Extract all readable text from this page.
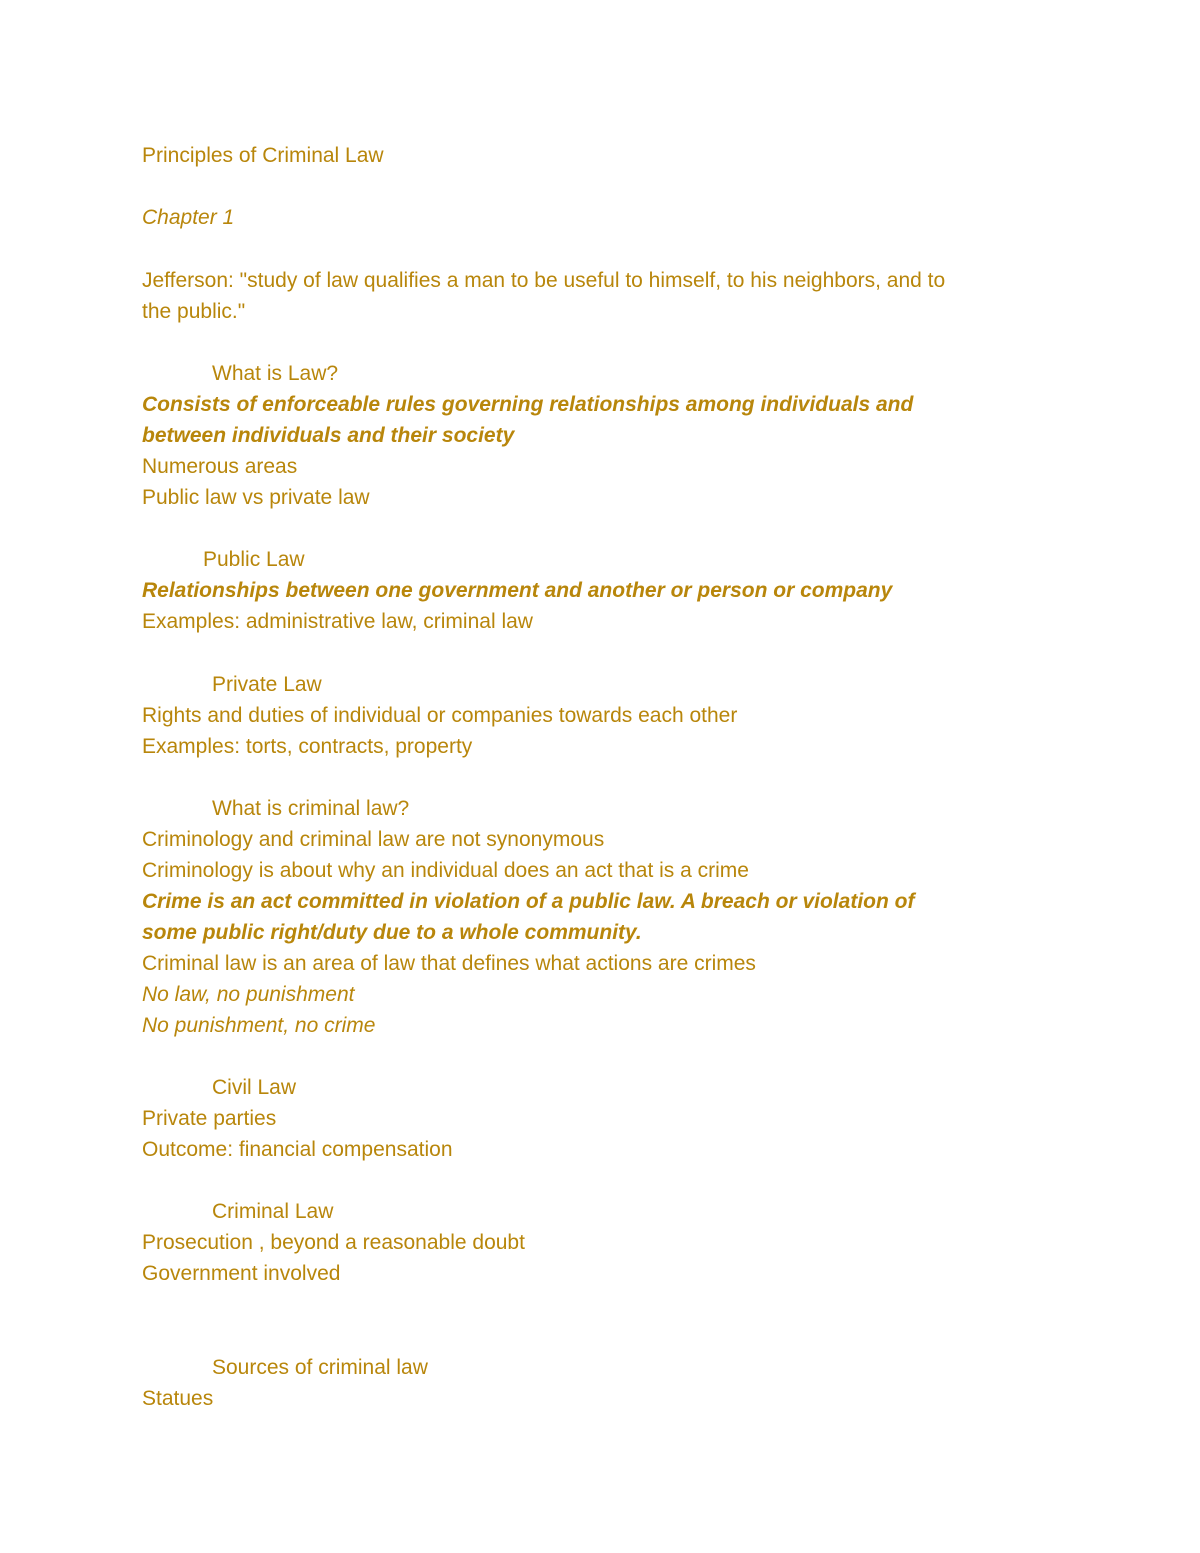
Principles of Criminal Law

Chapter 1

Jefferson: "study of law qualifies a man to be useful to himself, to his neighbors, and to

the public."

What is Law?

Consists of enforceable rules governing relationships among individuals and

between individuals and their society

Numerous areas

Public law vs private law

Public Law

Relationships between one government and another or person or company

Examples: administrative law, criminal law

Private Law

Rights and duties of individual or companies towards each other

Examples: torts, contracts, property

What is criminal law?

Criminology and criminal law are not synonymous

Criminology is about why an individual does an act that is a crime

Crime is an act committed in violation of a public law. A breach or violation of

some public right/duty due to a whole community.

Criminal law is an area of law that defines what actions are crimes

No law, no punishment

No punishment, no crime

Civil Law

Private parties

Outcome: financial compensation

Criminal Law

Prosecution , beyond a reasonable doubt

Government involved

Sources of criminal law

Statues
